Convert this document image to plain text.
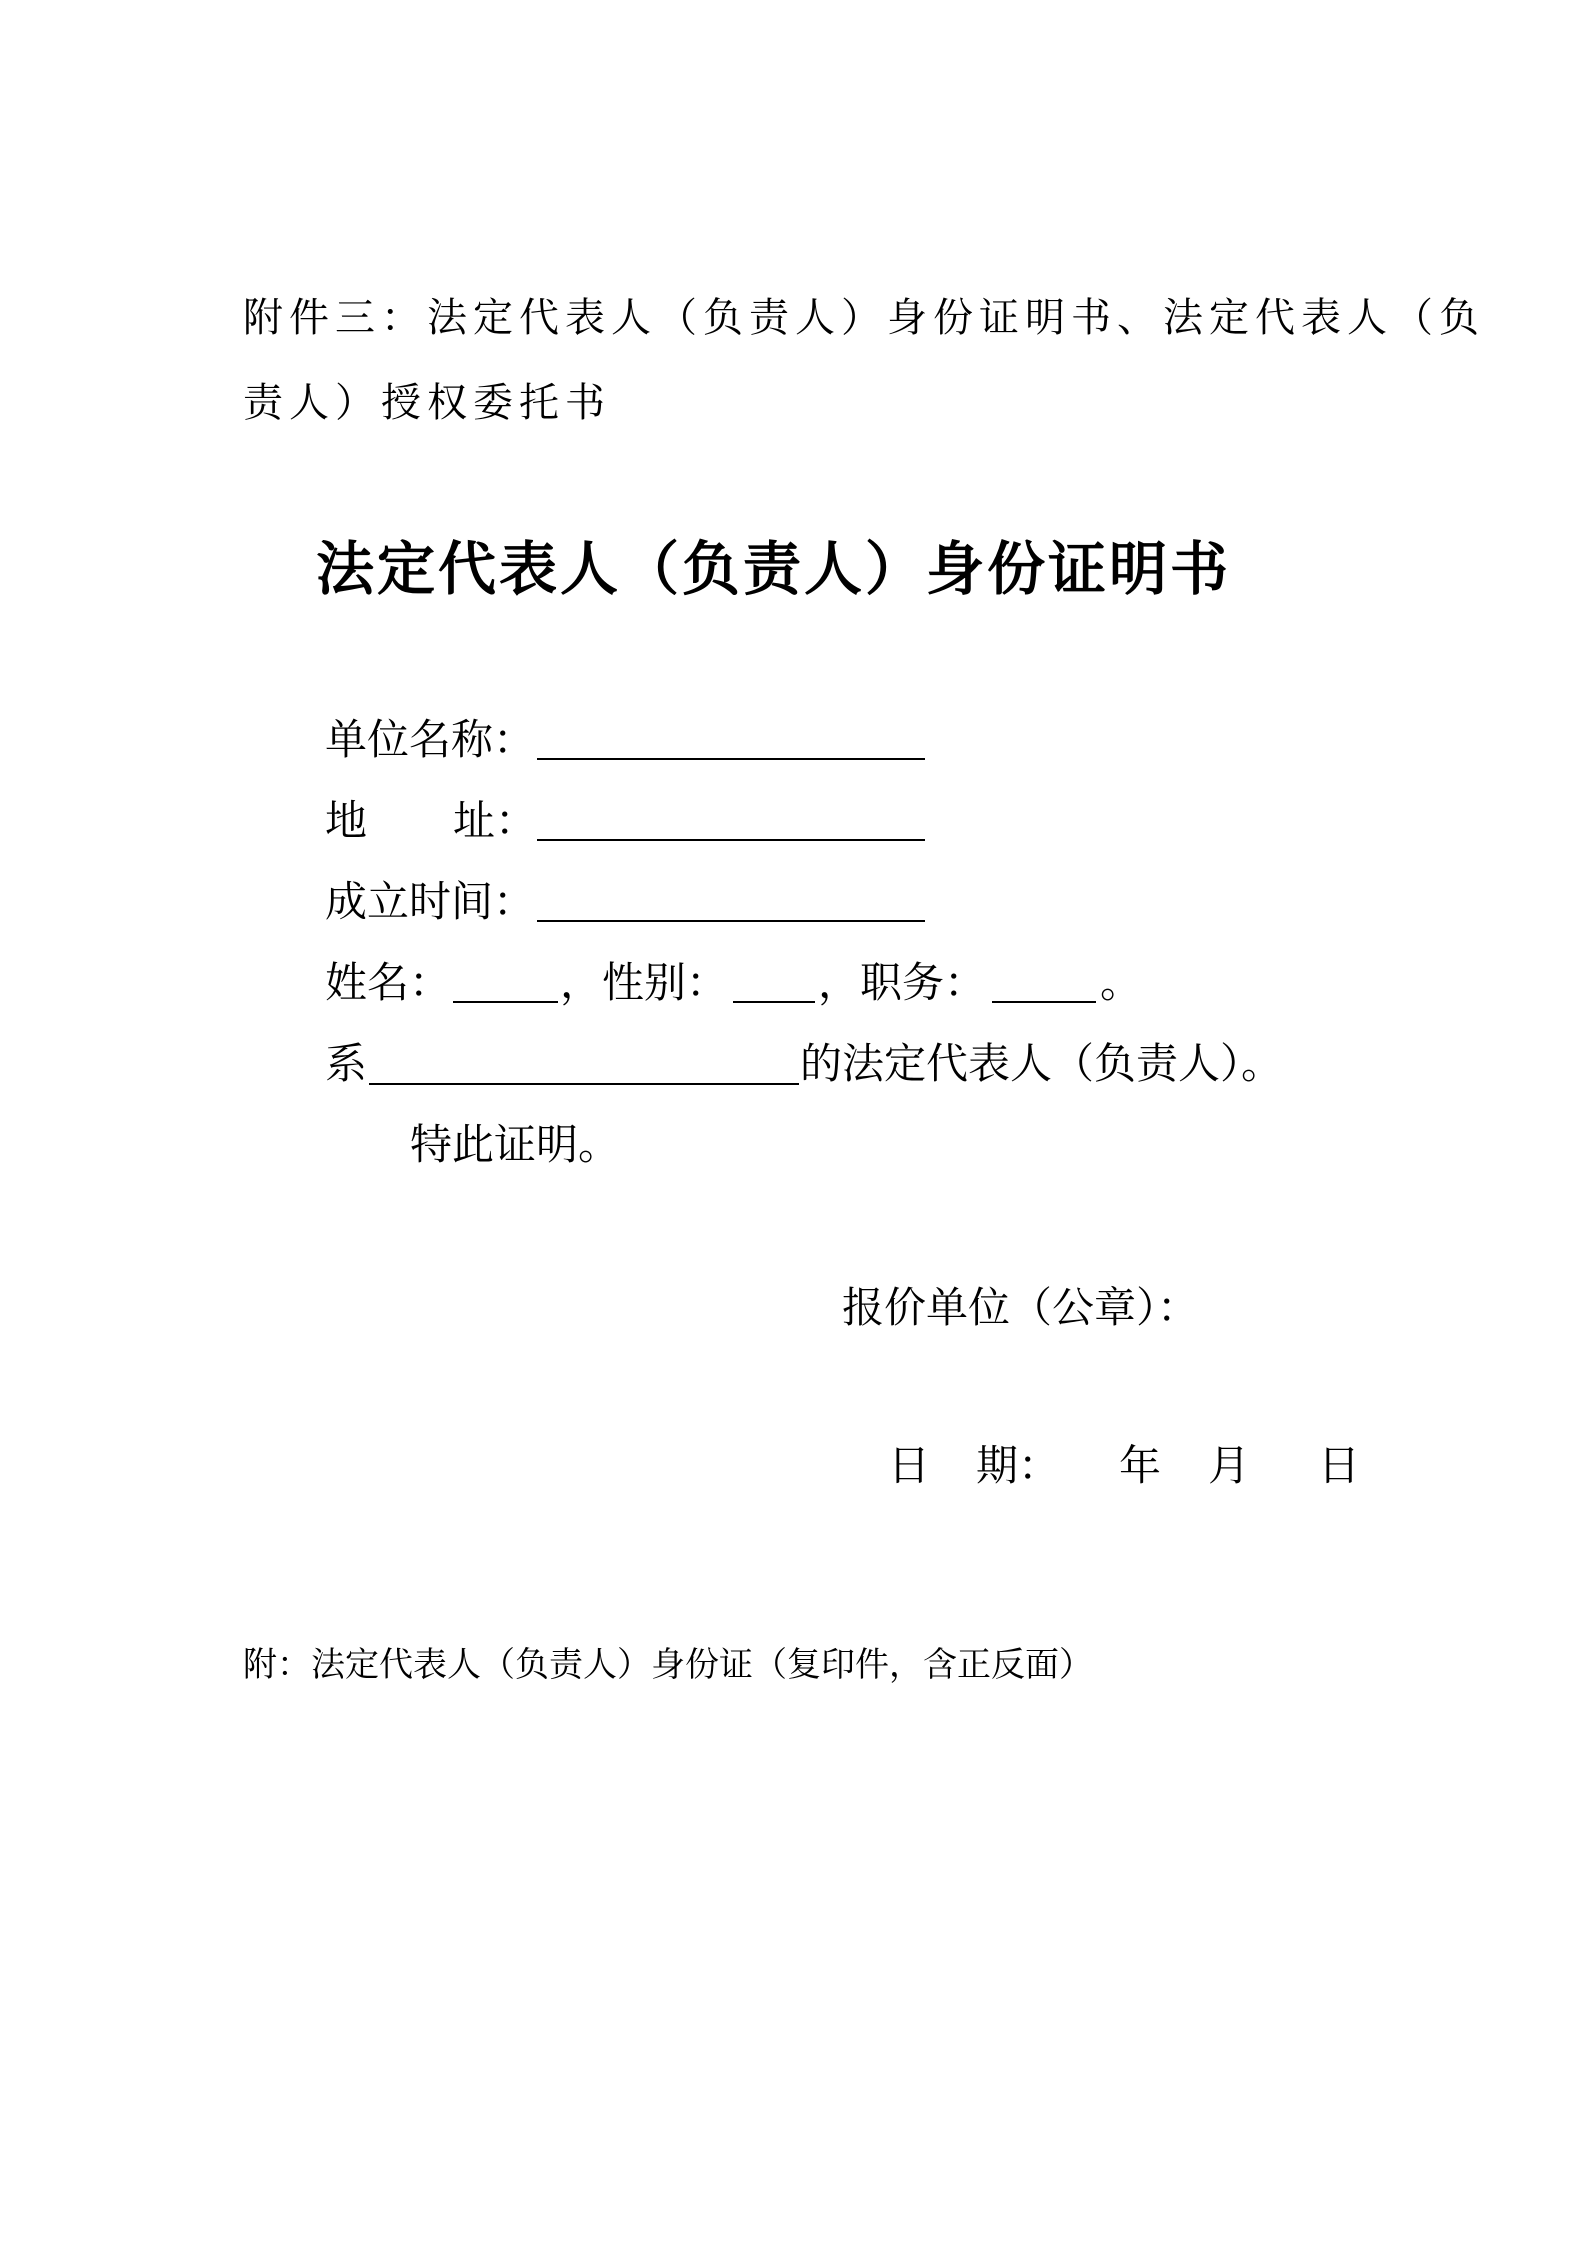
附件三：法定代表人（负责人）身份证明书、法定代表人（负
责人）授权委托书
法定代表人（负责人）身份证明书
单位名称：
地 址：
成立时间：
姓名：	，性别： ，职务：	。
系	的法定代表人（负责人）。
特此证明。
报价单位（公章）：
日 期： 年 月 日
附：法定代表人（负责人）身份证（复印件，含正反面）
